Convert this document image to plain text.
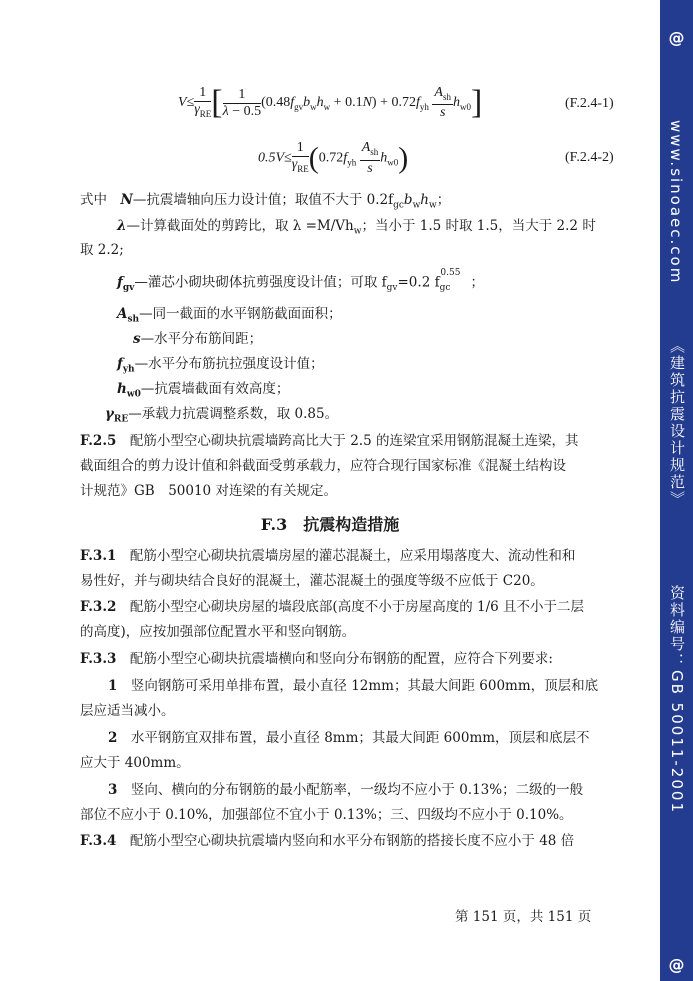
$V\le \frac{1}{\gamma_{RE}}$ [ $\frac{1}{\lambda - 0.5} (0.48f_{gv}b_wh_w + 0.1N) + 0.72f_{yh} \frac{A_{sh}}{s} h_{w0}$]	(F.2.4-1)
$0.5V\le \frac{1}{\gamma_{RE}} (0.72f_{yh} \frac{A_{sh}}{s} h_{w0})$	(F.2.4-2)
式中　 N—抗震墙轴向压力设计值；取值不大于 $0.2f_{gc}b_wh_w$；
λ—计算截面处的剪跨比，取 $\lambda =M/Vh_w$；当小于 1.5 时取 1.5，当大于 2.2 时
取 2.2;
$f_{gv}—$灌芯小砌块砌体抗剪强度设计值；可取 $f_{gv}=0.2$ $f_{gc}^{0.55}$；
$A_{sh}—$同一截面的水平钢筋截面面积；
s—水平分布筋间距；
$f_{yh}—$水平分布筋抗拉强度设计值；
$h_{w0}—$抗震墙截面有效高度；
$\gamma_{RE}—$承载力抗震调整系数，取 0.85。
F.2.5　 配筋小型空心砌块抗震墙跨高比大于 2.5 的连梁宜采用钢筋混凝土连梁，其
截面组合的剪力设计值和斜截面受剪承载力，应符合现行国家标准《混凝土结构设
计规范》GB　50010 对连梁的有关规定。
F.3　抗震构造措施
F.3.1　 配筋小型空心砌块抗震墙房屋的灌芯混凝土，应采用塌落度大、流动性和和
易性好，并与砌块结合良好的混凝土，灌芯混凝土的强度等级不应低于 C20。
F.3.2　 配筋小型空心砌块房屋的墙段底部(高度不小于房屋高度的 1/6 且不小于二层
的高度)，应按加强部位配置水平和竖向钢筋。
F.3.3　 配筋小型空心砌块抗震墙横向和竖向分布钢筋的配置，应符合下列要求:
1　 竖向钢筋可采用单排布置，最小直径 12mm；其最大间距 600mm，顶层和底
层应适当减小。
2　 水平钢筋宜双排布置，最小直径 8mm；其最大间距 600mm，顶层和底层不
应大于 400mm。
3　 竖向、横向的分布钢筋的最小配筋率，一级均不应小于 0.13%；二级的一般
部位不应小于 0.10%，加强部位不宜小于 0.13%；三、四级均不应小于 0.10%。
F.3.4　 配筋小型空心砌块抗震墙内竖向和水平分布钢筋的搭接长度不应小于 48 倍
第 151 页，共 151 页
@
www.sinoaec.com
《建筑抗震设计规范》
资料编号：GB 50011-2001
@
